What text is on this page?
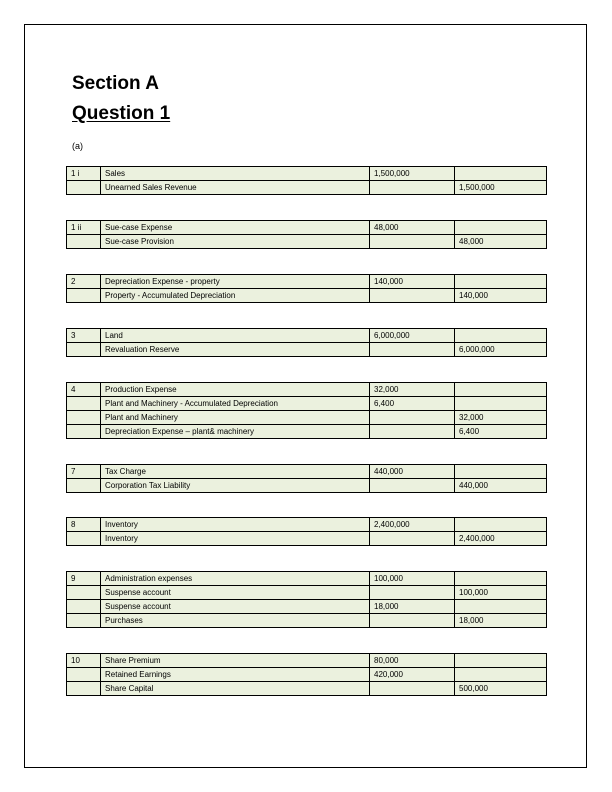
Section A
Question 1
(a)
1 i	Sales	1,500,000	
	Unearned Sales Revenue		1,500,000
1 ii	Sue-case Expense	48,000	
	Sue-case Provision		48,000
2	Depreciation Expense - property	140,000	
	Property - Accumulated Depreciation		140,000
3	Land	6,000,000	
	Revaluation Reserve		6,000,000
4	Production Expense	32,000	
	Plant and Machinery - Accumulated Depreciation	6,400	
	Plant and Machinery		32,000
	Depreciation Expense – plant& machinery		6,400
7	Tax Charge	440,000	
	Corporation Tax Liability		440,000
8	Inventory	2,400,000	
	Inventory		2,400,000
9	Administration expenses	100,000	
	Suspense account		100,000
	Suspense account	18,000	
	Purchases		18,000
10	Share Premium	80,000	
	Retained Earnings	420,000	
	Share Capital		500,000
